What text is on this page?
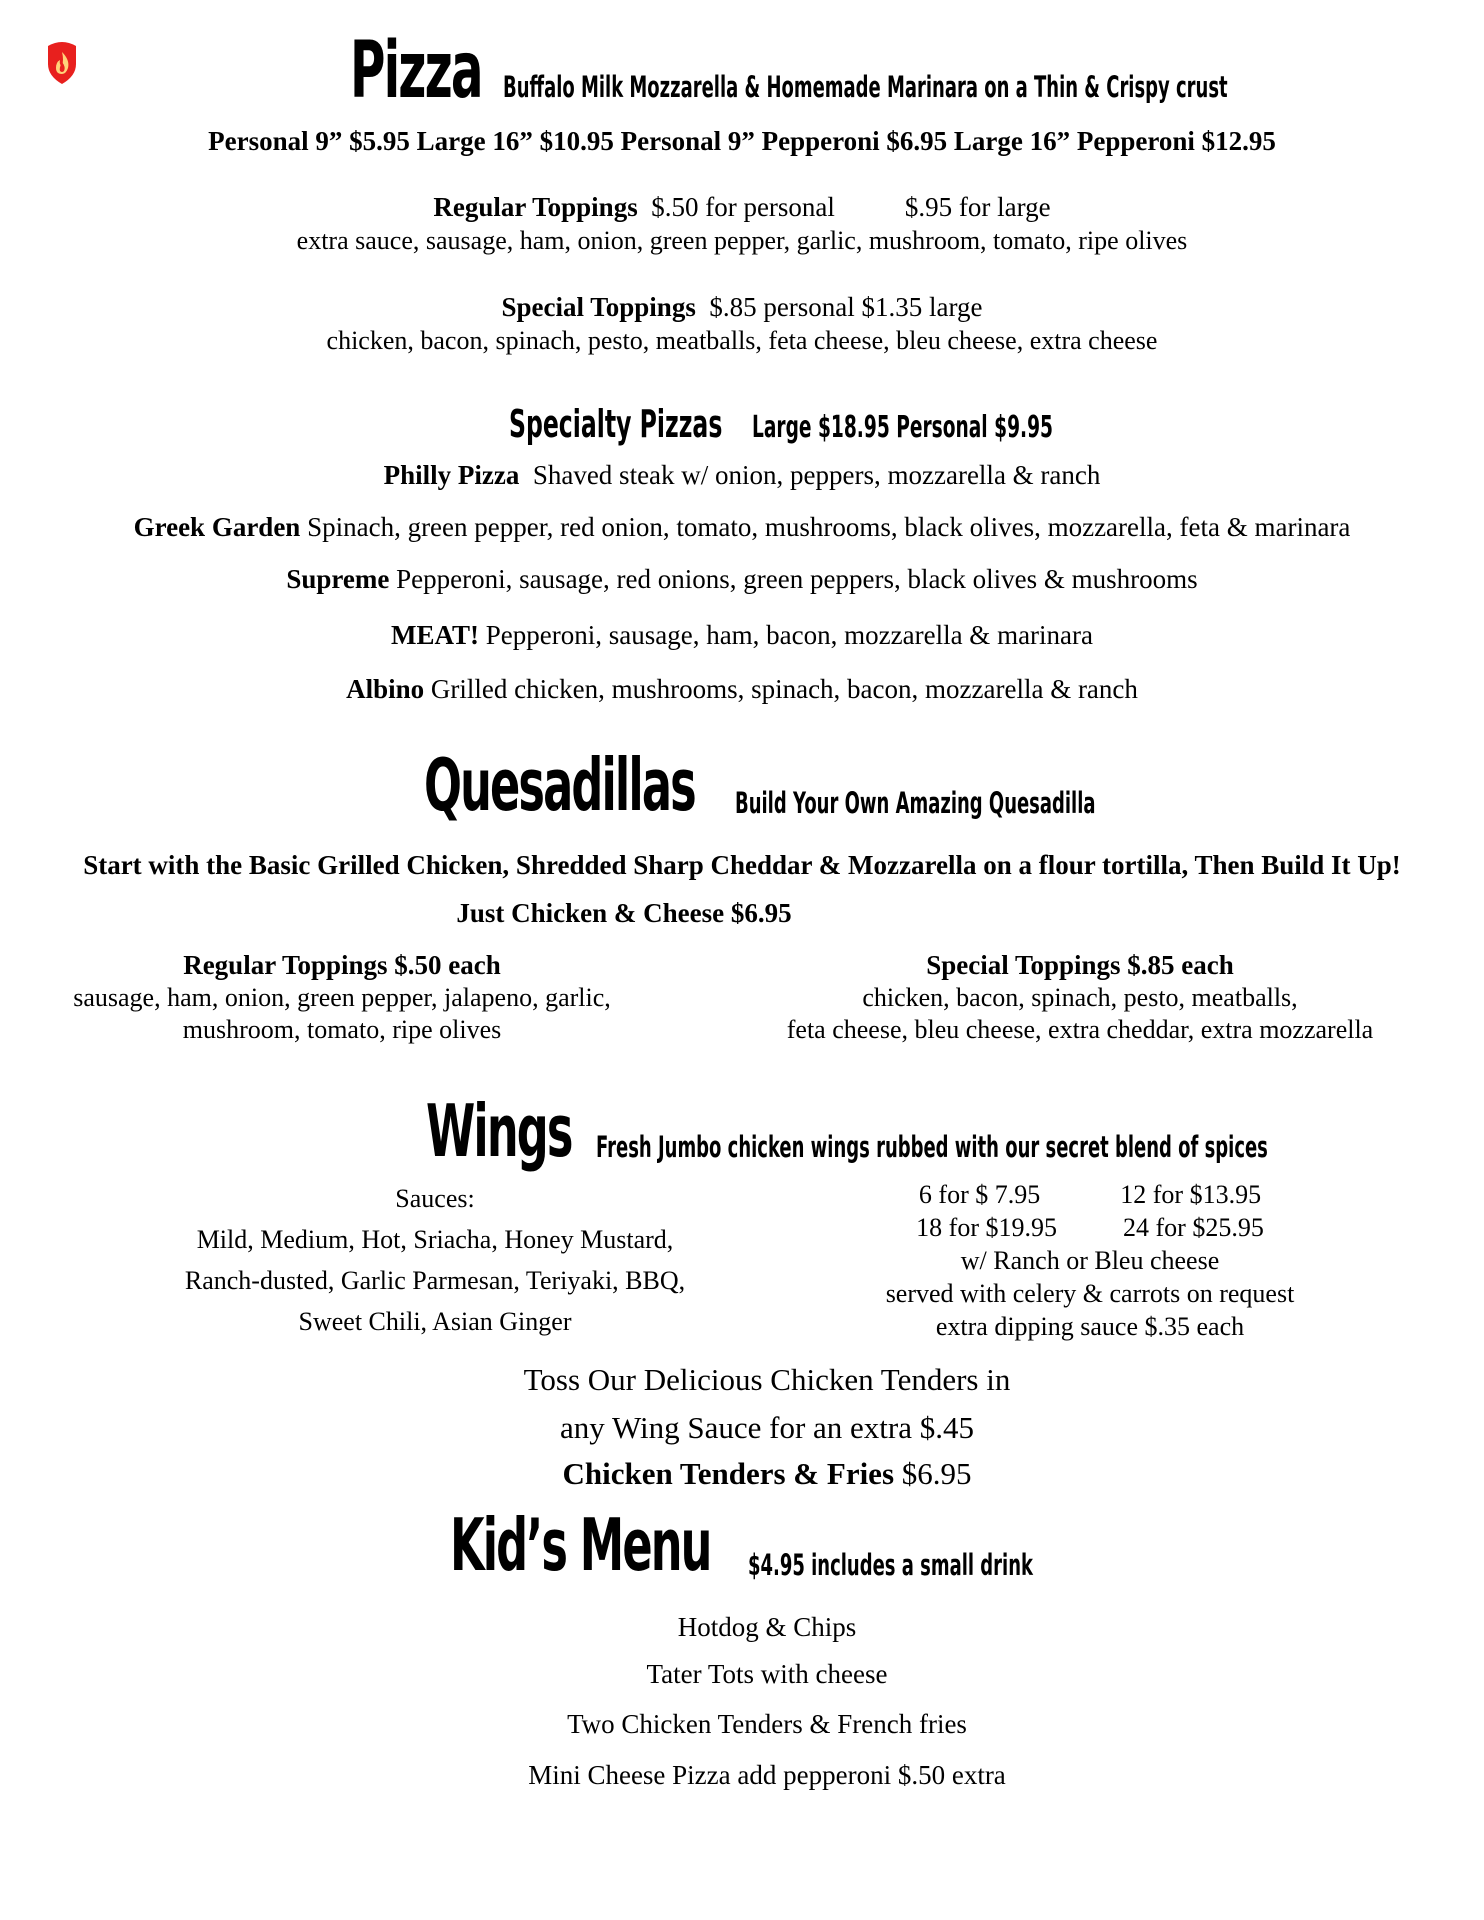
Pizza Buffalo Milk Mozzarella & Homemade Marinara on a Thin & Crispy crust
Personal 9” $5.95 Large 16” $10.95 Personal 9” Pepperoni $6.95 Large 16” Pepperoni $12.95
Regular Toppings $.50 for personal	$.95 for large
extra sauce, sausage, ham, onion, green pepper, garlic, mushroom, tomato, ripe olives
Special Toppings $.85 personal $1.35 large
chicken, bacon, spinach, pesto, meatballs, feta cheese, bleu cheese, extra cheese
Specialty Pizzas Large $18.95 Personal $9.95
Philly Pizza Shaved steak w/ onion, peppers, mozzarella & ranch
Greek Garden Spinach, green pepper, red onion, tomato, mushrooms, black olives, mozzarella, feta & marinara
Supreme Pepperoni, sausage, red onions, green peppers, black olives & mushrooms
MEAT! Pepperoni, sausage, ham, bacon, mozzarella & marinara
Albino Grilled chicken, mushrooms, spinach, bacon, mozzarella & ranch
Quesadillas	Build Your Own Amazing Quesadilla
Start with the Basic Grilled Chicken, Shredded Sharp Cheddar & Mozzarella on a flour tortilla, Then Build It Up!
Just Chicken & Cheese $6.95
Regular Toppings $.50 each
sausage, ham, onion, green pepper, jalapeno, garlic,
mushroom, tomato, ripe olives
Special Toppings $.85 each
chicken, bacon, spinach, pesto, meatballs,
feta cheese, bleu cheese, extra cheddar, extra mozzarella
Wings Fresh Jumbo chicken wings rubbed with our secret blend of spices
Sauces:
Mild, Medium, Hot, Sriacha, Honey Mustard,
Ranch-dusted, Garlic Parmesan, Teriyaki, BBQ,
Sweet Chili, Asian Ginger
6 for $ 7.95	12 for $13.95
18 for $19.95	24 for $25.95
w/ Ranch or Bleu cheese
served with celery & carrots on request
extra dipping sauce $.35 each
Toss Our Delicious Chicken Tenders in
any Wing Sauce for an extra $.45
Chicken Tenders & Fries $6.95
Kid’s Menu	$4.95 includes a small drink
Hotdog & Chips
Tater Tots with cheese
Two Chicken Tenders & French fries
Mini Cheese Pizza add pepperoni $.50 extra
